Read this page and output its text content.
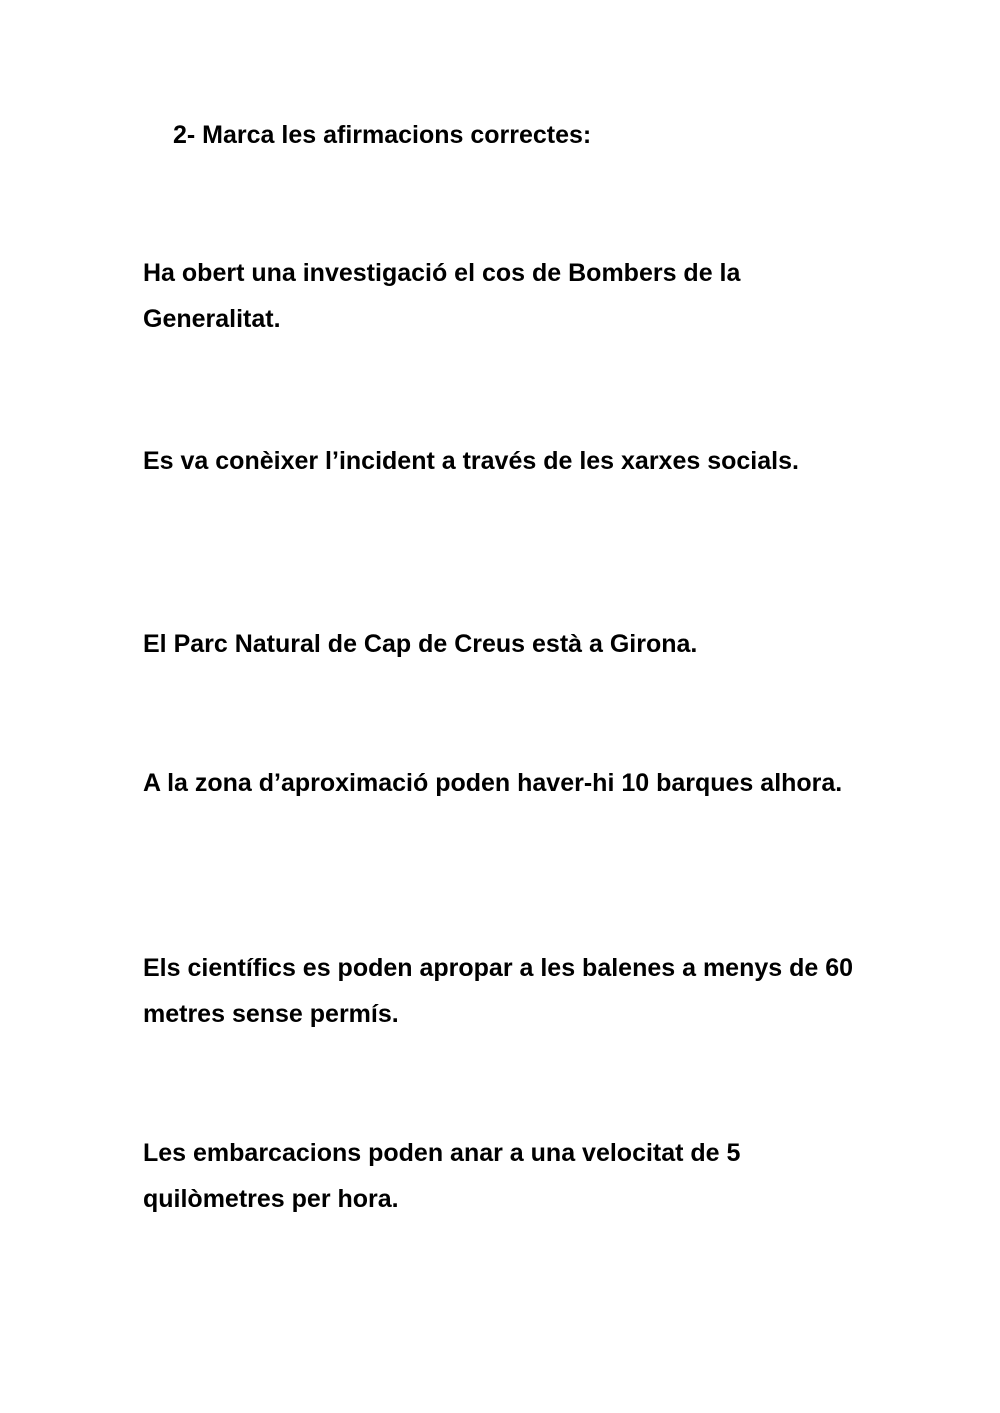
2- Marca les afirmacions correctes:
Ha obert una investigació el cos de Bombers de la Generalitat.
Es va conèixer l’incident a través de les xarxes socials.
El Parc Natural de Cap de Creus està a Girona.
A la zona d’aproximació poden haver-hi 10 barques alhora.
Els científics es poden apropar a les balenes a menys de 60 metres sense permís.
Les embarcacions poden anar a una velocitat de 5 quilòmetres per hora.
